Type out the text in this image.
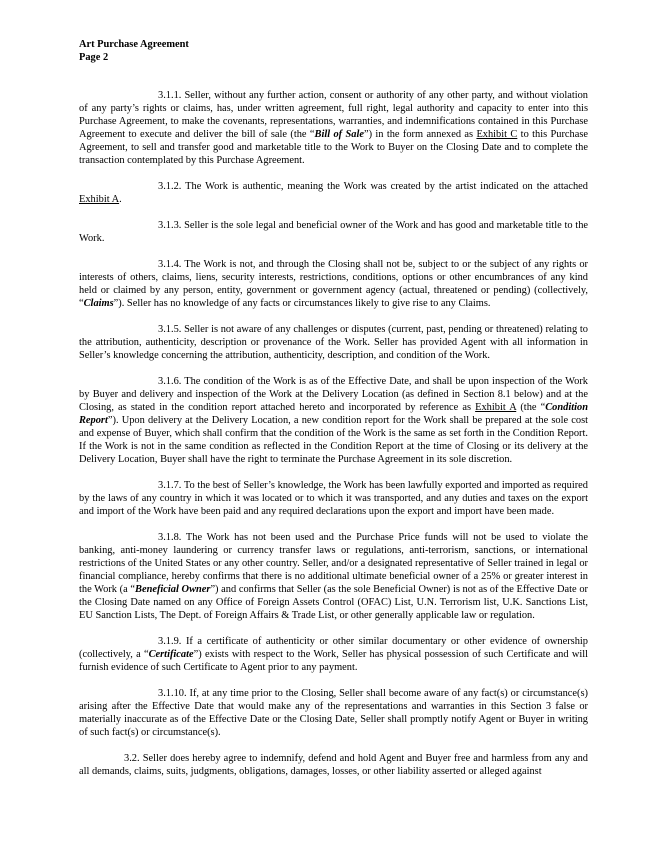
Art Purchase Agreement
Page 2

3.1.1. Seller, without any further action, consent or authority of any other party, and without violation of any party’s rights or claims, has, under written agreement, full right, legal authority and capacity to enter into this Purchase Agreement, to make the covenants, representations, warranties, and indemnifications contained in this Purchase Agreement to execute and deliver the bill of sale (the “Bill of Sale”) in the form annexed as Exhibit C to this Purchase Agreement, to sell and transfer good and marketable title to the Work to Buyer on the Closing Date and to complete the transaction contemplated by this Purchase Agreement.

3.1.2. The Work is authentic, meaning the Work was created by the artist indicated on the attached Exhibit A.

3.1.3. Seller is the sole legal and beneficial owner of the Work and has good and marketable title to the Work.

3.1.4. The Work is not, and through the Closing shall not be, subject to or the subject of any rights or interests of others, claims, liens, security interests, restrictions, conditions, options or other encumbrances of any kind held or claimed by any person, entity, government or government agency (actual, threatened or pending) (collectively, “Claims”). Seller has no knowledge of any facts or circumstances likely to give rise to any Claims.

3.1.5. Seller is not aware of any challenges or disputes (current, past, pending or threatened) relating to the attribution, authenticity, description or provenance of the Work. Seller has provided Agent with all information in Seller’s knowledge concerning the attribution, authenticity, description, and condition of the Work.

3.1.6. The condition of the Work is as of the Effective Date, and shall be upon inspection of the Work by Buyer and delivery and inspection of the Work at the Delivery Location (as defined in Section 8.1 below) and at the Closing, as stated in the condition report attached hereto and incorporated by reference as Exhibit A (the “Condition Report”). Upon delivery at the Delivery Location, a new condition report for the Work shall be prepared at the sole cost and expense of Buyer, which shall confirm that the condition of the Work is the same as set forth in the Condition Report. If the Work is not in the same condition as reflected in the Condition Report at the time of Closing or its delivery at the Delivery Location, Buyer shall have the right to terminate the Purchase Agreement in its sole discretion.

3.1.7. To the best of Seller’s knowledge, the Work has been lawfully exported and imported as required by the laws of any country in which it was located or to which it was transported, and any duties and taxes on the export and import of the Work have been paid and any required declarations upon the export and import have been made.

3.1.8. The Work has not been used and the Purchase Price funds will not be used to violate the banking, anti-money laundering or currency transfer laws or regulations, anti-terrorism, sanctions, or international restrictions of the United States or any other country. Seller, and/or a designated representative of Seller trained in legal or financial compliance, hereby confirms that there is no additional ultimate beneficial owner of a 25% or greater interest in the Work (a “Beneficial Owner”) and confirms that Seller (as the sole Beneficial Owner) is not as of the Effective Date or the Closing Date named on any Office of Foreign Assets Control (OFAC) List, U.N. Terrorism list, U.K. Sanctions List, EU Sanction Lists, The Dept. of Foreign Affairs & Trade List, or other generally applicable law or regulation.

3.1.9. If a certificate of authenticity or other similar documentary or other evidence of ownership (collectively, a “Certificate”) exists with respect to the Work, Seller has physical possession of such Certificate and will furnish evidence of such Certificate to Agent prior to any payment.

3.1.10. If, at any time prior to the Closing, Seller shall become aware of any fact(s) or circumstance(s) arising after the Effective Date that would make any of the representations and warranties in this Section 3 false or materially inaccurate as of the Effective Date or the Closing Date, Seller shall promptly notify Agent or Buyer in writing of such fact(s) or circumstance(s).

3.2. Seller does hereby agree to indemnify, defend and hold Agent and Buyer free and harmless from any and all demands, claims, suits, judgments, obligations, damages, losses, or other liability asserted or alleged against
